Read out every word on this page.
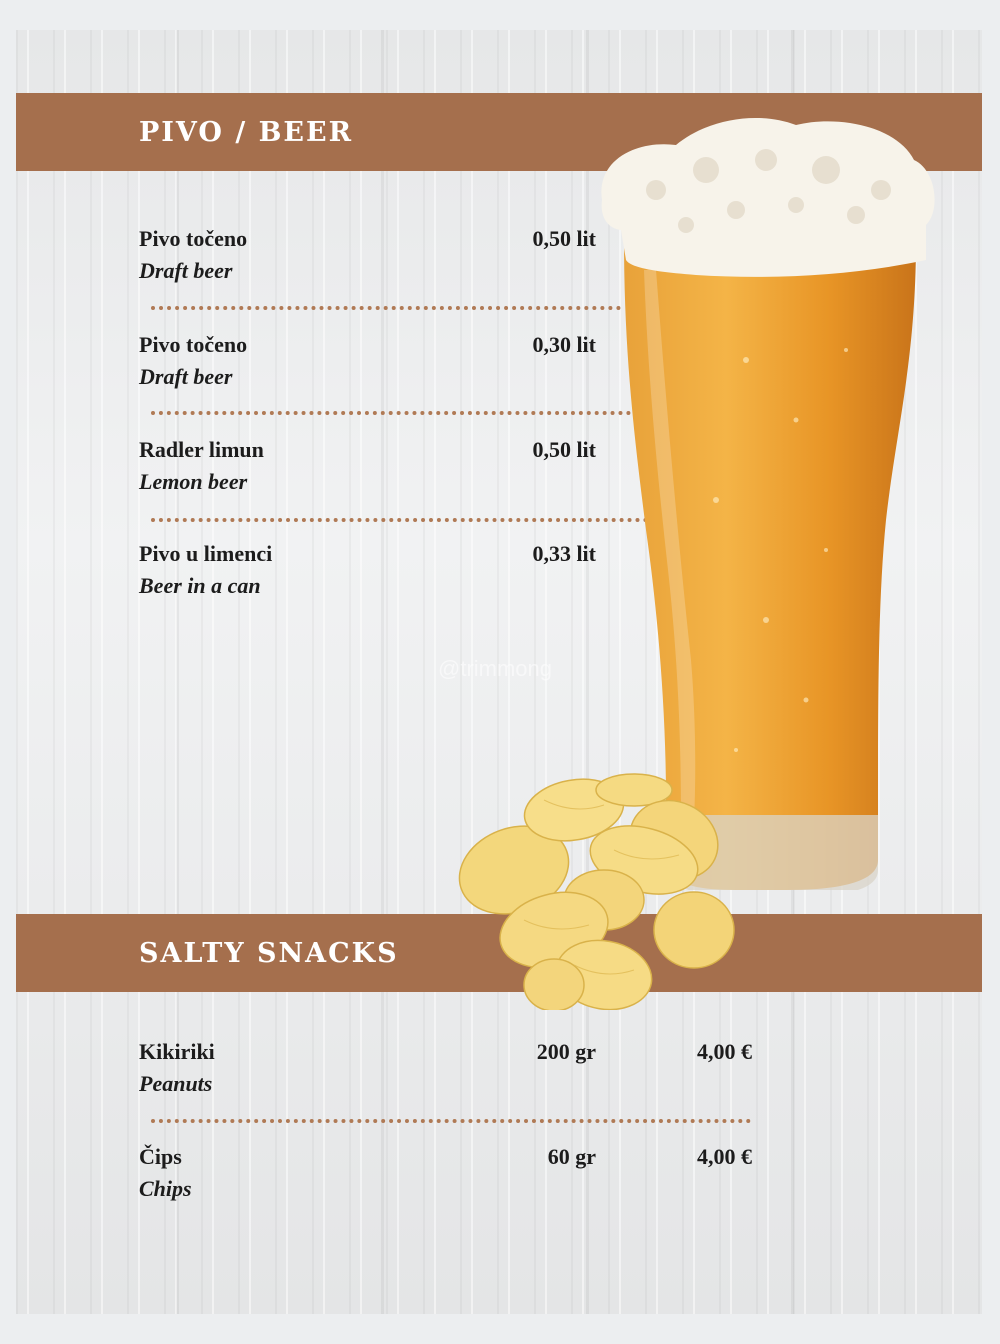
PIVO / BEER
Pivo točeno
Draft beer
0,50 lit
Pivo točeno
Draft beer
0,30 lit
Radler limun
Lemon beer
0,50 lit
Pivo u limenci
Beer in a can
0,33 lit
@trimmong
SALTY SNACKS
Kikiriki
Peanuts
200 gr	4,00 €
Čips
Chips
60 gr	4,00 €
